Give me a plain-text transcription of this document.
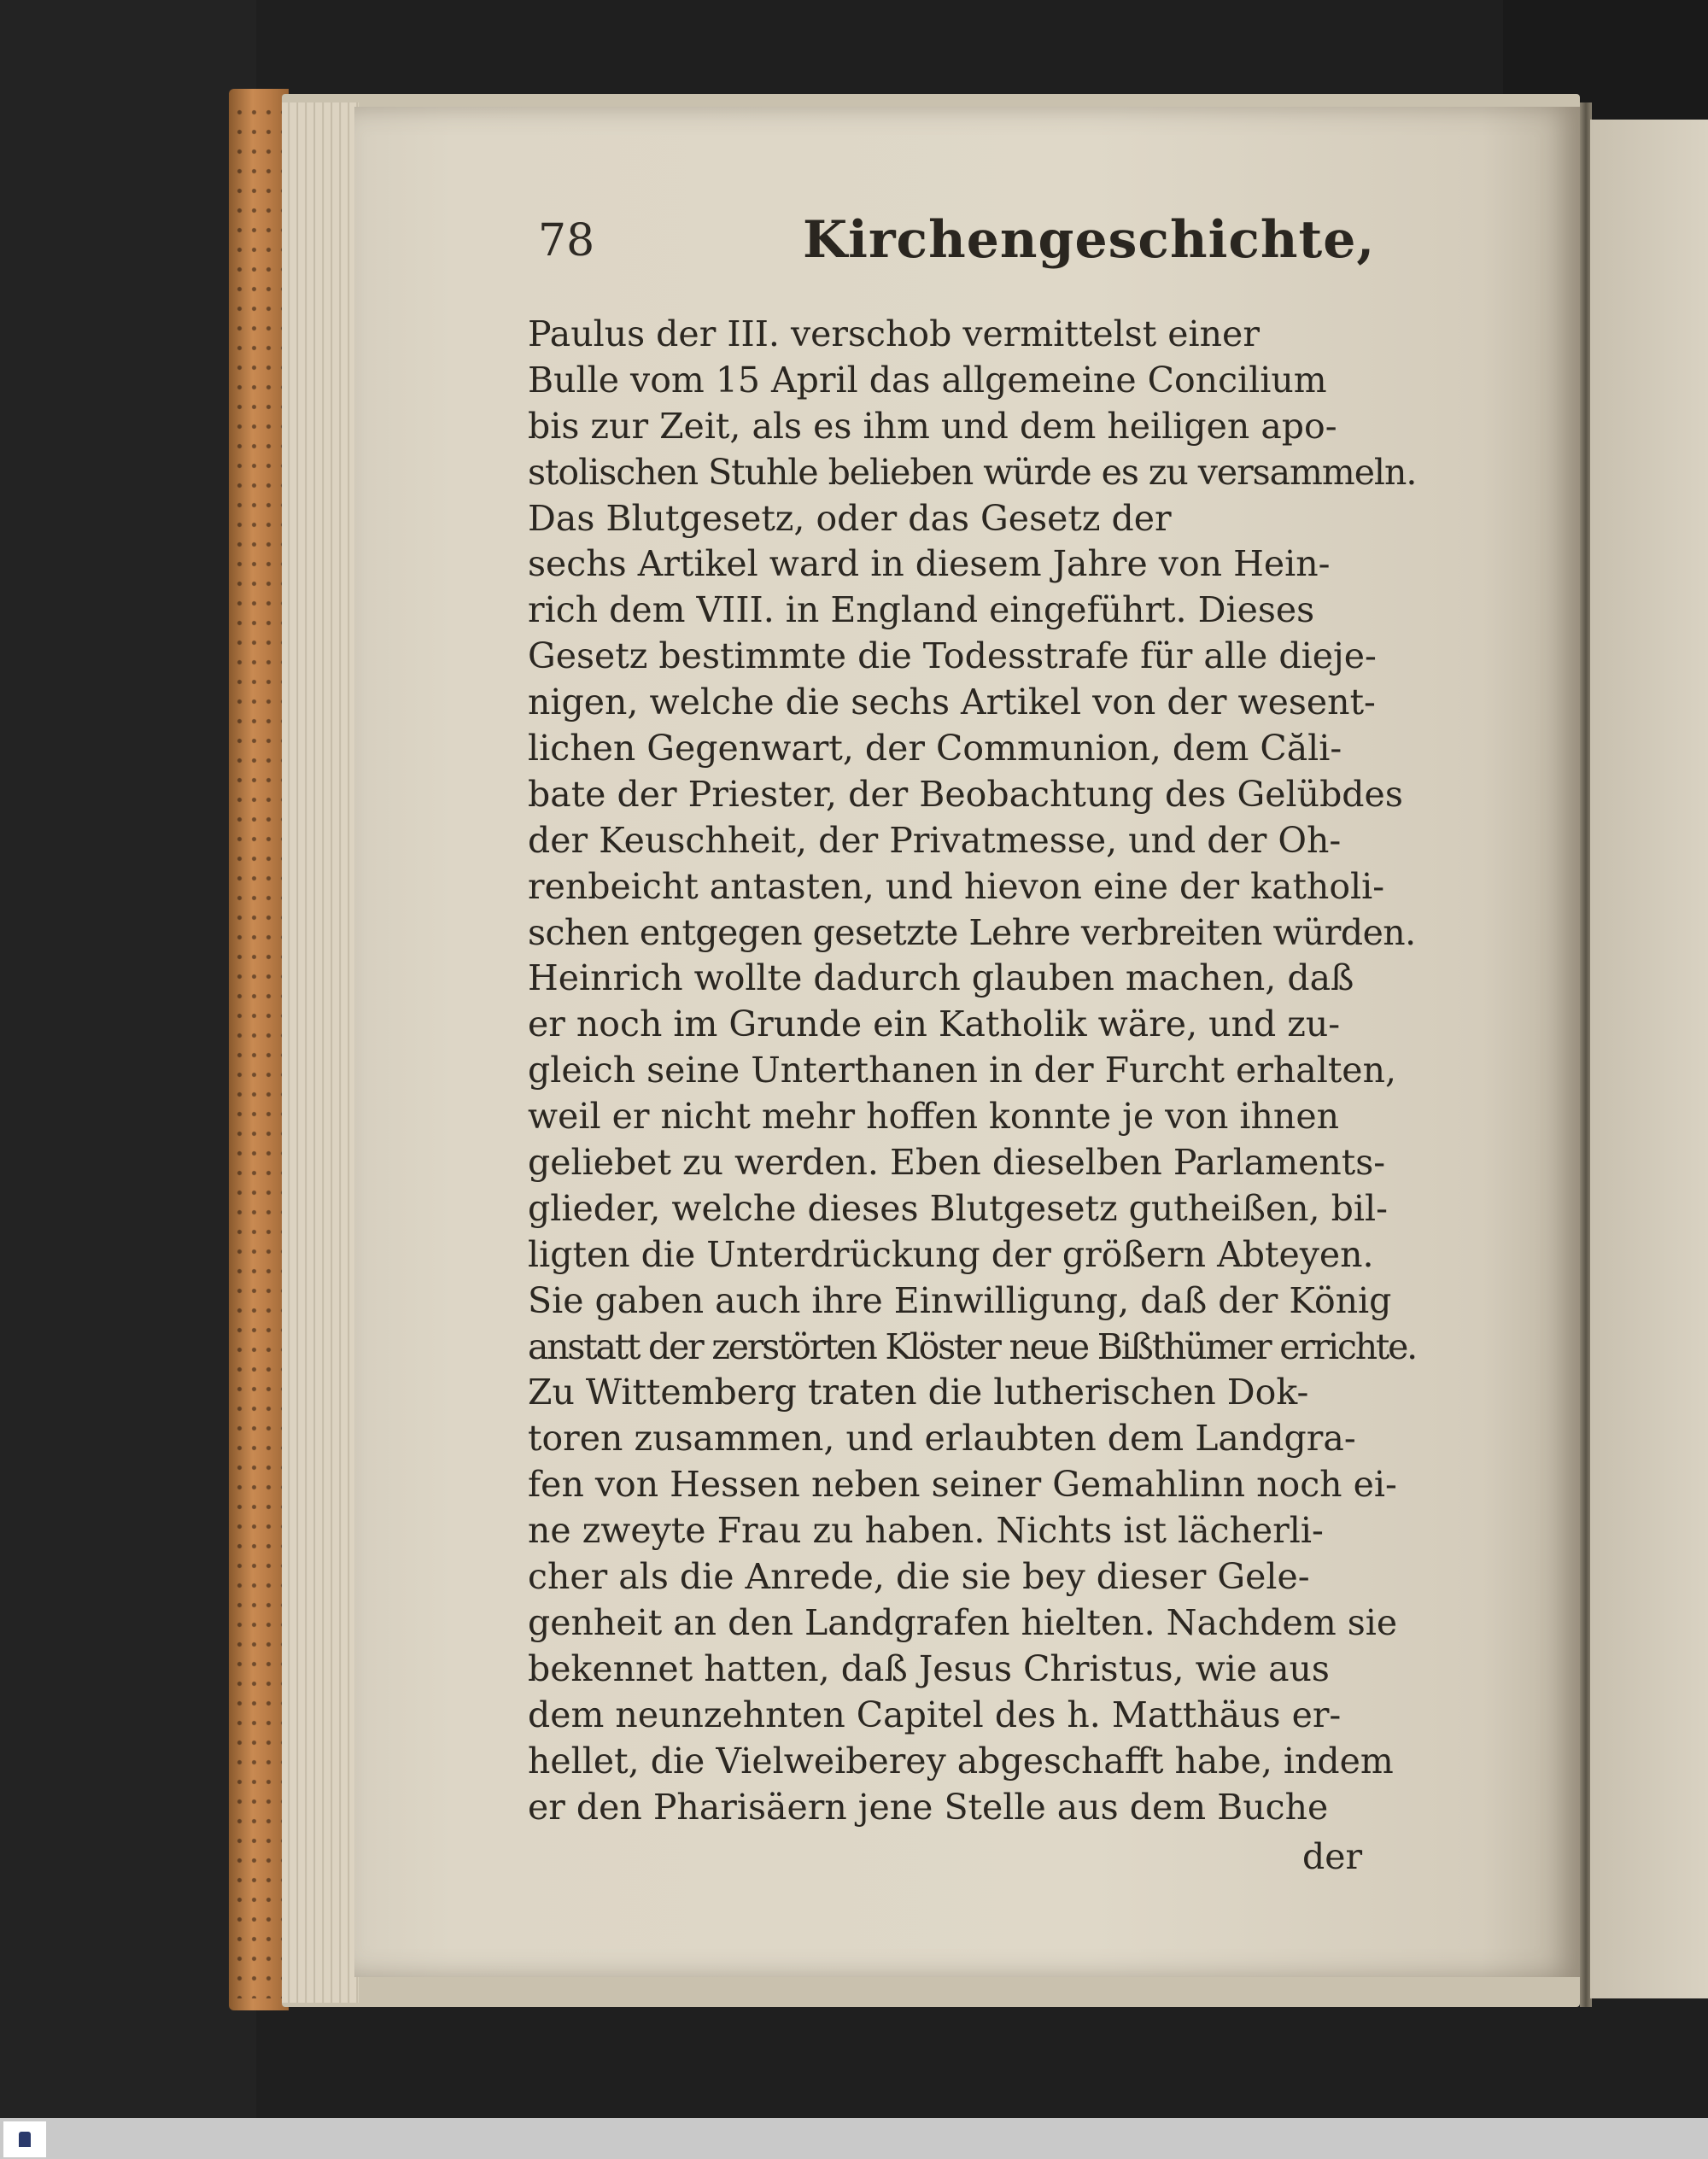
78	Kirchengeschichte,
Paulus der III. verschob vermittelst einer
Bulle vom 15 April das allgemeine Concilium
bis zur Zeit, als es ihm und dem heiligen apo-
stolischen Stuhle belieben würde es zu versammeln.
Das Blutgesetz, oder das Gesetz der
sechs Artikel ward in diesem Jahre von Hein-
rich dem VIII. in England eingeführt. Dieses
Gesetz bestimmte die Todesstrafe für alle dieje-
nigen, welche die sechs Artikel von der wesent-
lichen Gegenwart, der Communion, dem Căli-
bate der Priester, der Beobachtung des Gelübdes
der Keuschheit, der Privatmesse, und der Oh-
renbeicht antasten, und hievon eine der katholi-
schen entgegen gesetzte Lehre verbreiten würden.
Heinrich wollte dadurch glauben machen, daß
er noch im Grunde ein Katholik wäre, und zu-
gleich seine Unterthanen in der Furcht erhalten,
weil er nicht mehr hoffen konnte je von ihnen
geliebet zu werden. Eben dieselben Parlaments-
glieder, welche dieses Blutgesetz gutheißen, bil-
ligten die Unterdrückung der größern Abteyen.
Sie gaben auch ihre Einwilligung, daß der König
anstatt der zerstörten Klöster neue Bißthümer errichte.
Zu Wittemberg traten die lutherischen Dok-
toren zusammen, und erlaubten dem Landgra-
fen von Hessen neben seiner Gemahlinn noch ei-
ne zweyte Frau zu haben. Nichts ist lächerli-
cher als die Anrede, die sie bey dieser Gele-
genheit an den Landgrafen hielten. Nachdem sie
bekennet hatten, daß Jesus Christus, wie aus
dem neunzehnten Capitel des h. Matthäus er-
hellet, die Vielweiberey abgeschafft habe, indem
er den Pharisäern jene Stelle aus dem Buche
der
